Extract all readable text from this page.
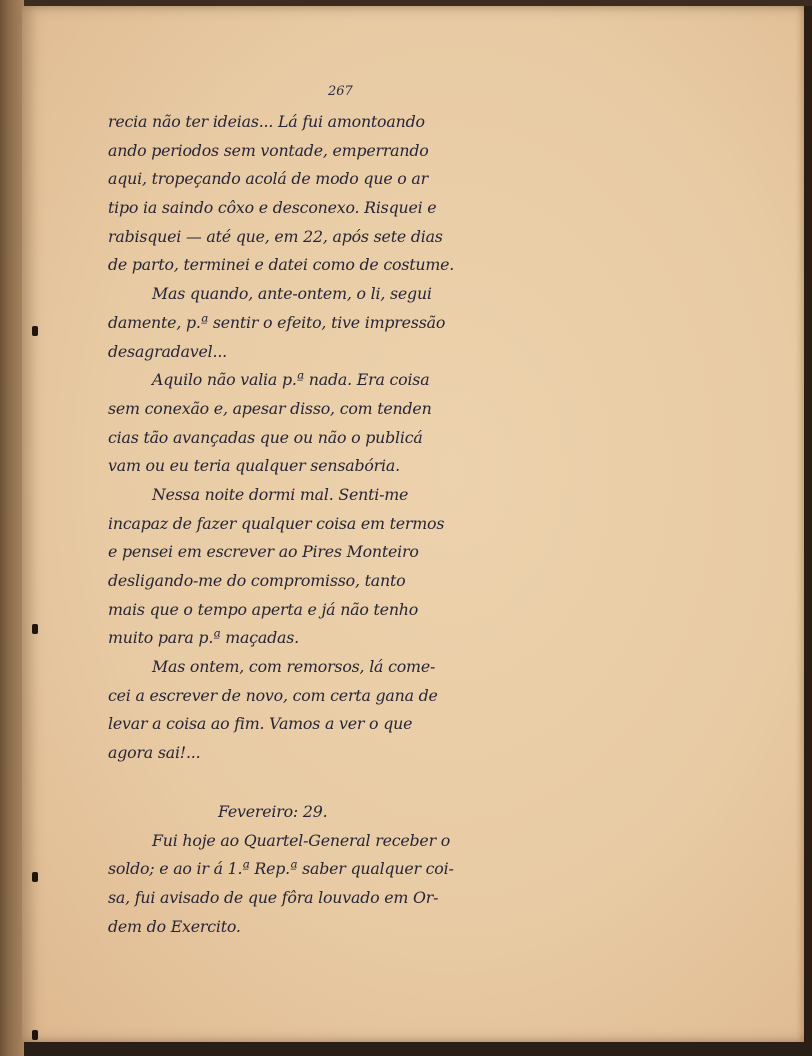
267
recia não ter ideias... Lá fui amontoando
ando periodos sem vontade, emperrando
aqui, tropeçando acolá de modo que o ar
tipo ia saindo côxo e desconexo. Risquei e
rabisquei — até que, em 22, após sete dias
de parto, terminei e datei como de costume.
Mas quando, ante-ontem, o li, segui
damente, p.ª sentir o efeito, tive impressão
desagradavel...
Aquilo não valia p.ª nada. Era coisa
sem conexão e, apesar disso, com tenden
cias tão avançadas que ou não o publicá
vam ou eu teria qualquer sensabória.
Nessa noite dormi mal. Senti-me
incapaz de fazer qualquer coisa em termos
e pensei em escrever ao Pires Monteiro
desligando-me do compromisso, tanto
mais que o tempo aperta e já não tenho
muito para p.ª maçadas.
Mas ontem, com remorsos, lá come-
cei a escrever de novo, com certa gana de
levar a coisa ao fim. Vamos a ver o que
agora sai!...
Fevereiro: 29.
Fui hoje ao Quartel-General receber o
soldo; e ao ir á 1.ª Rep.ª saber qualquer coi-
sa, fui avisado de que fôra louvado em Or-
dem do Exercito.
